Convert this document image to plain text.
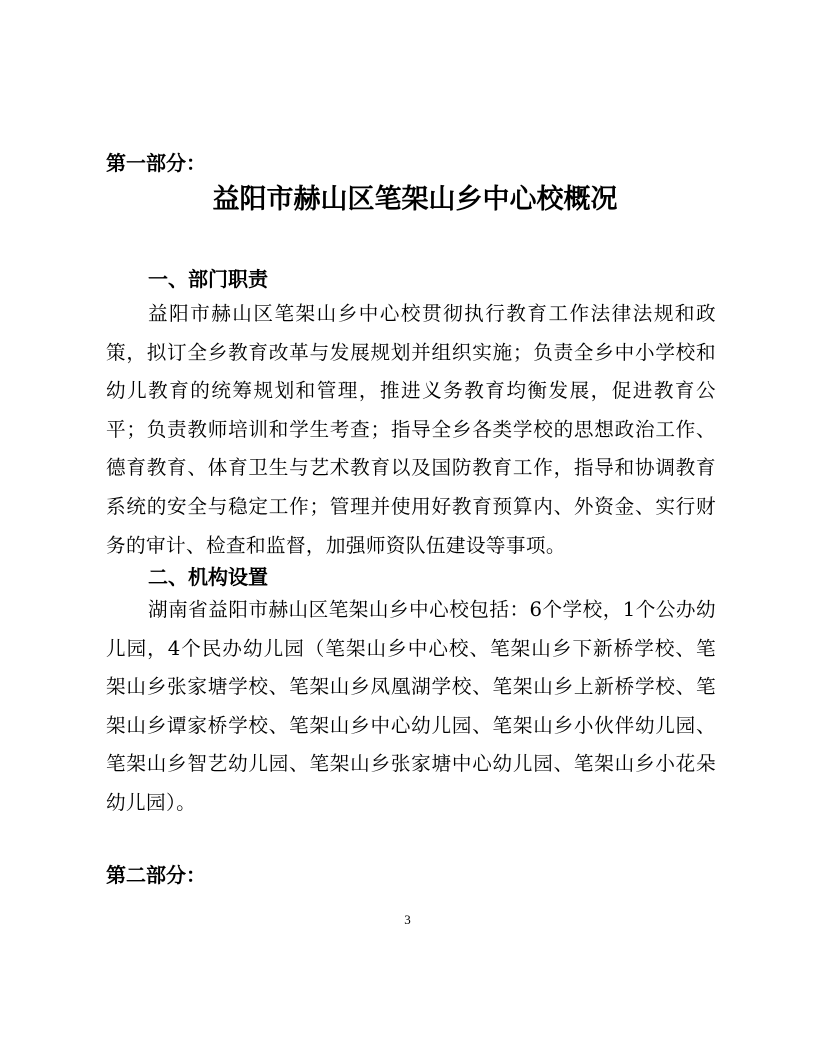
第一部分：

益阳市赫山区笔架山乡中心校概况
一、部门职责

益阳市赫山区笔架山乡中心校贯彻执行教育工作法律法规和政策，拟订全乡教育改革与发展规划并组织实施；负责全乡中小学校和幼儿教育的统筹规划和管理，推进义务教育均衡发展，促进教育公平；负责教师培训和学生考查；指导全乡各类学校的思想政治工作、德育教育、体育卫生与艺术教育以及国防教育工作，指导和协调教育系统的安全与稳定工作；管理并使用好教育预算内、外资金、实行财务的审计、检查和监督，加强师资队伍建设等事项。

二、机构设置

湖南省益阳市赫山区笔架山乡中心校包括：6个学校，1个公办幼儿园，4个民办幼儿园（笔架山乡中心校、笔架山乡下新桥学校、笔架山乡张家塘学校、笔架山乡凤凰湖学校、笔架山乡上新桥学校、笔架山乡谭家桥学校、笔架山乡中心幼儿园、笔架山乡小伙伴幼儿园、笔架山乡智艺幼儿园、笔架山乡张家塘中心幼儿园、笔架山乡小花朵幼儿园）。

第二部分：

3
